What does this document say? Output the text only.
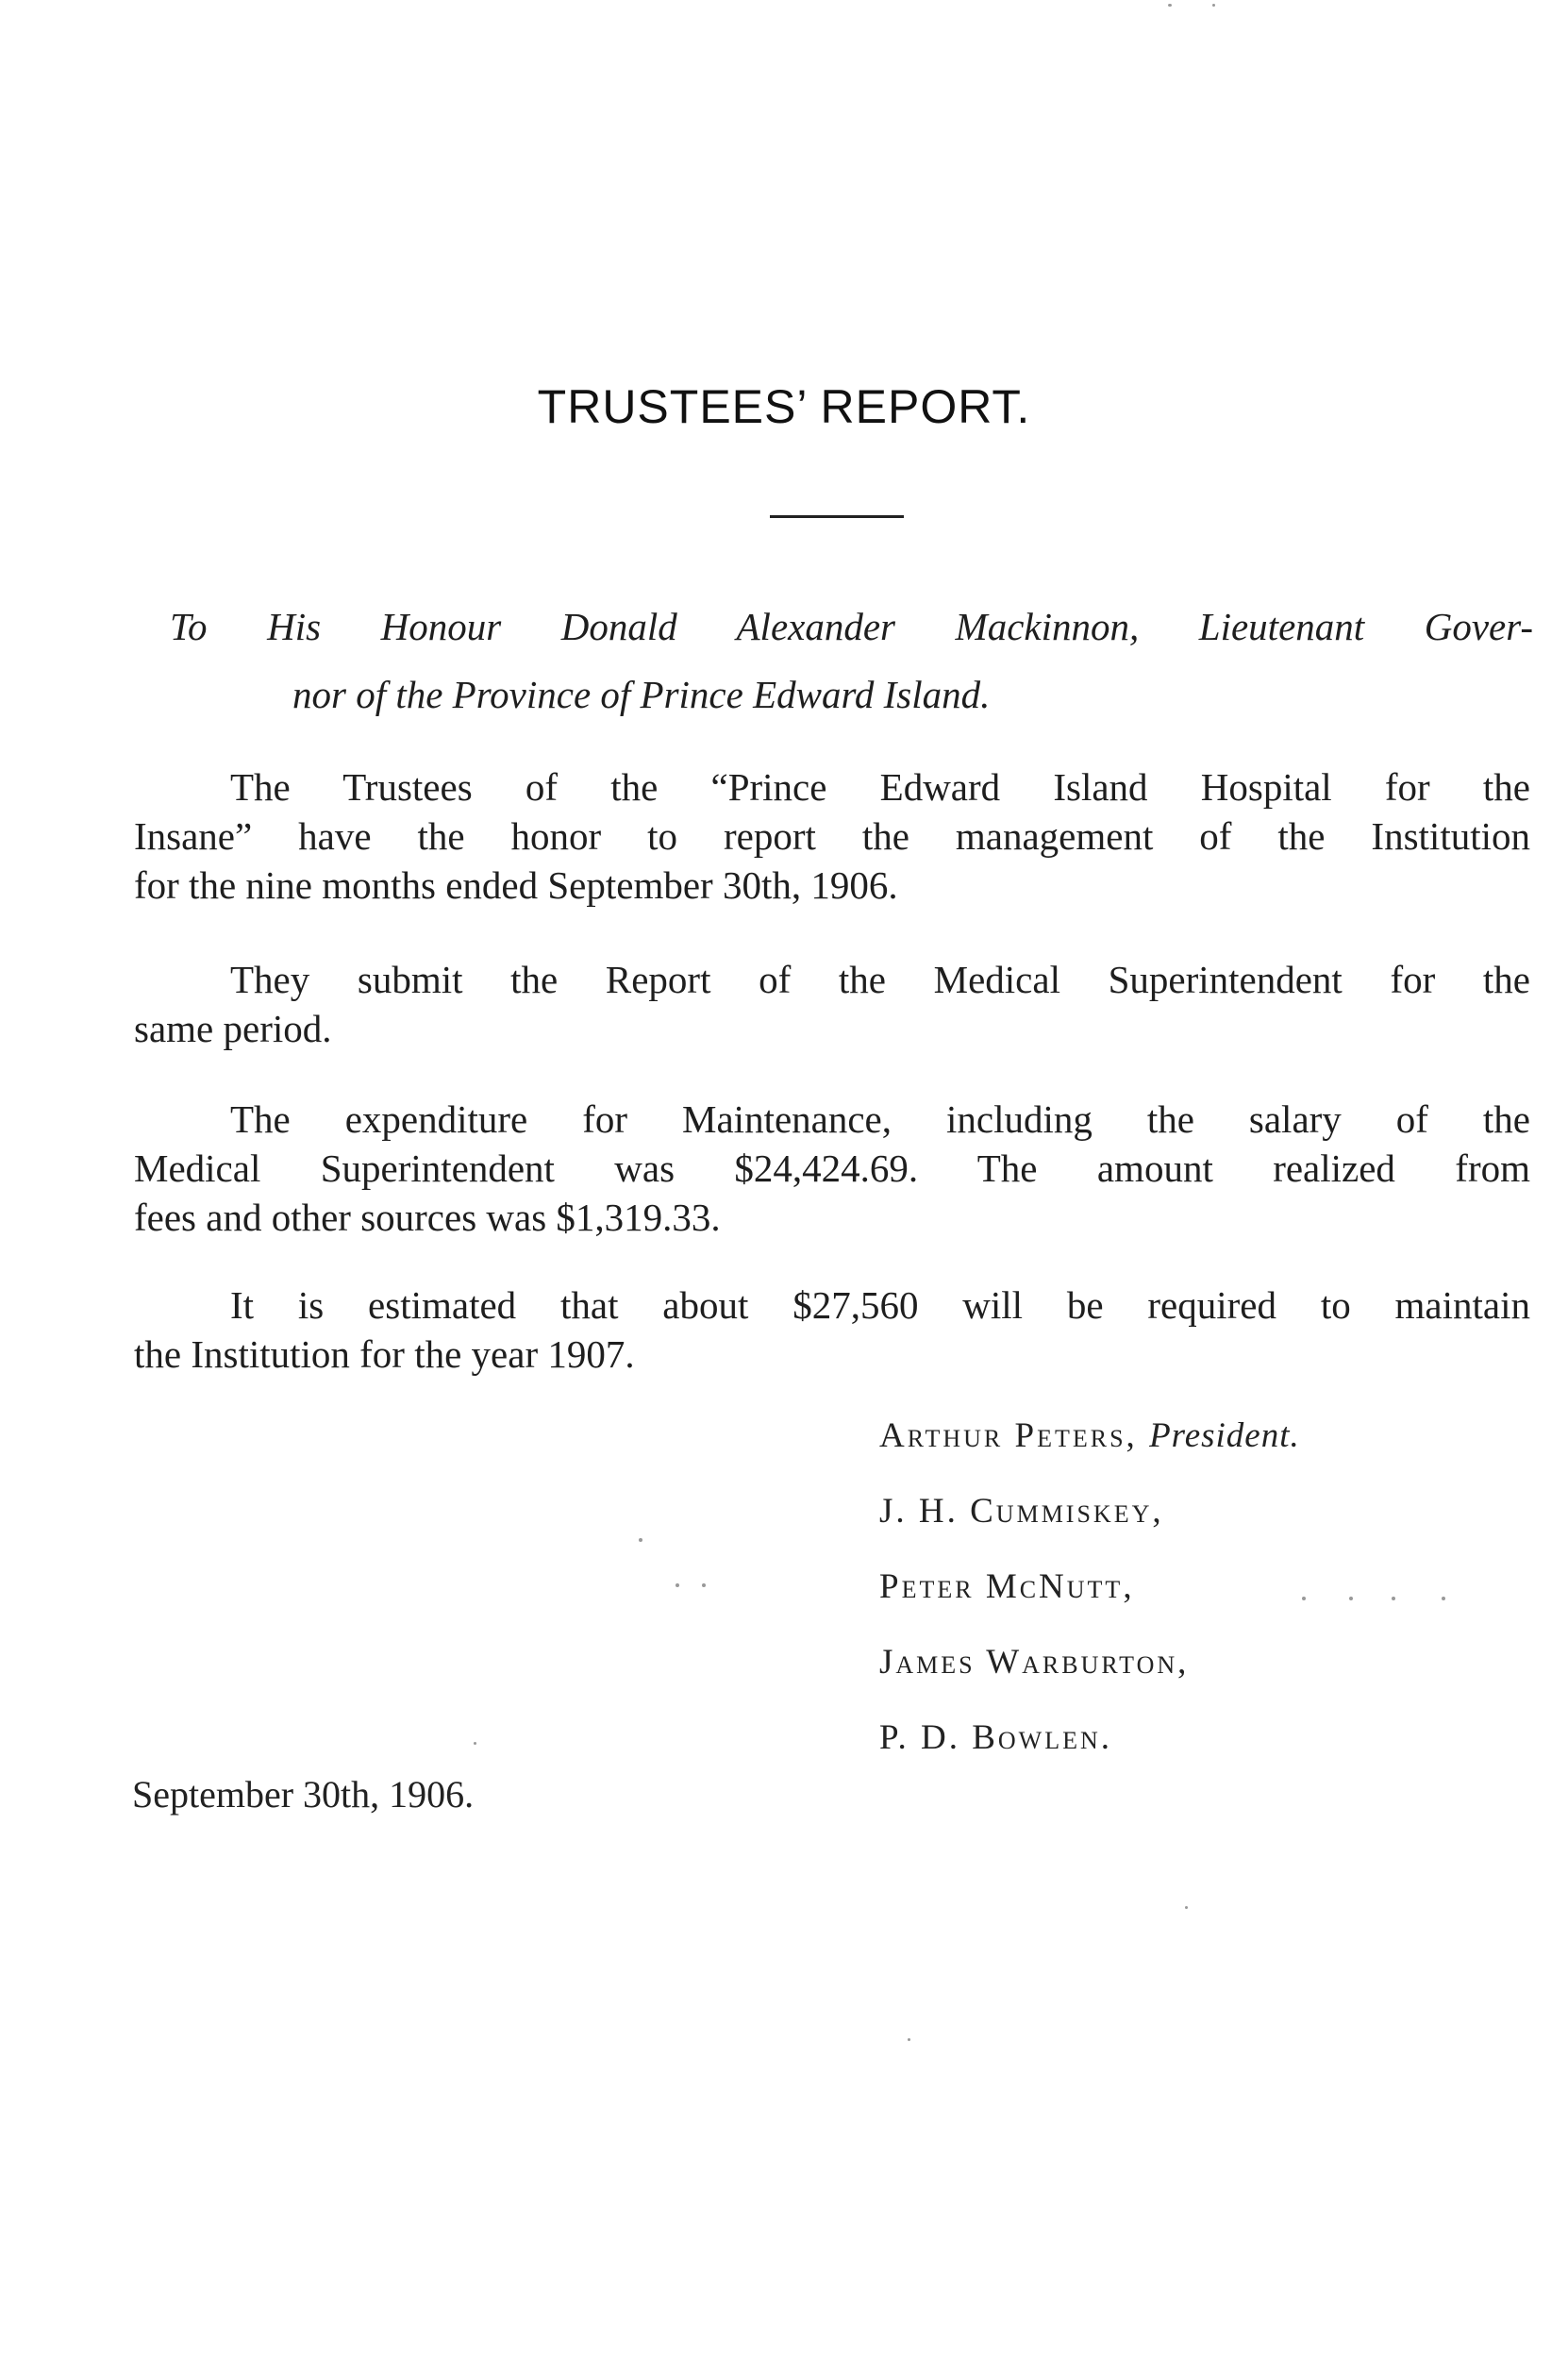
TRUSTEES’ REPORT.
To His Honour Donald Alexander Mackinnon, Lieutenant Gover-
nor of the Province of Prince Edward Island.
The Trustees of the “Prince Edward Island Hospital for the
Insane” have the honor to report the management of the Institution
for the nine months ended September 30th, 1906.
They submit the Report of the Medical Superintendent for the
same period.
The expenditure for Maintenance, including the salary of the
Medical Superintendent was $24,424.69. The amount realized from
fees and other sources was $1,319.33.
It is estimated that about $27,560 will be required to maintain
the Institution for the year 1907.
Arthur Peters, President.
J. H. Cummiskey,
Peter McNutt,
James Warburton,
P. D. Bowlen.
September 30th, 1906.
